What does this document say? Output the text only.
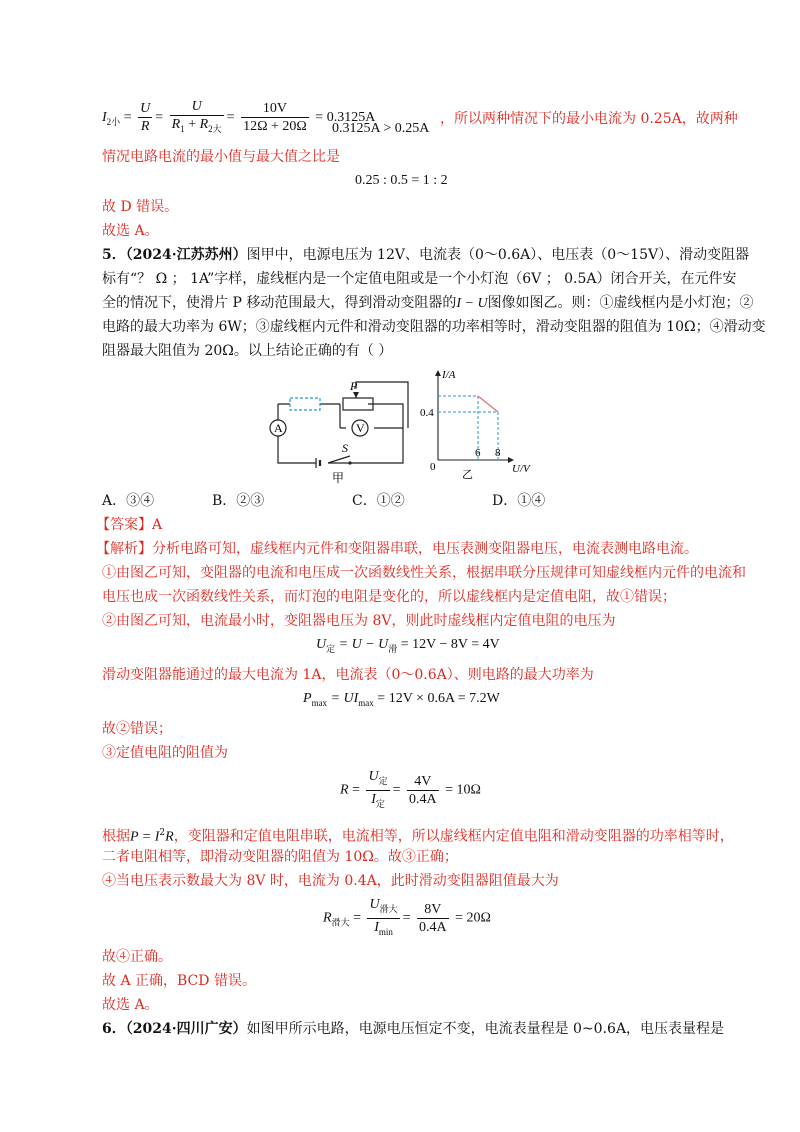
$I_{2小} = \frac{U}{R} = \frac{U}{R_1 + R_{2大}} = \frac{10V}{12\Omega + 20\Omega} = 0.3125A$
0.3125A > 0.25A
，所以两种情况下的最小电流为 0.25A，故两种
情况电路电流的最小值与最大值之比是
0.25 : 0.5 = 1 : 2
故 D 错误。
故选 A。
5．（2024·江苏苏州）图甲中，电源电压为 12V、电流表（0～0.6A）、电压表（0～15V）、滑动变阻器
标有“？ Ω ； 1A”字样，虚线框内是一个定值电阻或是一个小灯泡（6V ； 0.5A）闭合开关，在元件安
全的情况下，使滑片 P 移动范围最大，得到滑动变阻器的I − U图像如图乙。则：①虚线框内是小灯泡；②
电路的最大功率为 6W；③虚线框内元件和滑动变阻器的功率相等时，滑动变阻器的阻值为 10Ω；④滑动变
阻器最大阻值为 20Ω。以上结论正确的有（ ）
P
A	V
S
甲
I/A
U/V
0
0.4
6 8
乙
A．③④	B．②③	C．①②	D．①④
【答案】A
【解析】分析电路可知，虚线框内元件和变阻器串联，电压表测变阻器电压，电流表测电路电流。
①由图乙可知，变阻器的电流和电压成一次函数线性关系，根据串联分压规律可知虚线框内元件的电流和
电压也成一次函数线性关系，而灯泡的电阻是变化的，所以虚线框内是定值电阻，故①错误；
②由图乙可知，电流最小时，变阻器电压为 8V，则此时虚线框内定值电阻的电压为
$U_定 = U - U_滑 = 12V - 8V = 4V$
滑动变阻器能通过的最大电流为 1A，电流表（0～0.6A）、则电路的最大功率为
$P_{max} = UI_{max} = 12V \times 0.6A = 7.2W$
故②错误；
③定值电阻的阻值为
$R = \frac{U_定}{I_定} = \frac{4V}{0.4A} = 10\Omega$
根据$P = I^2R$，变阻器和定值电阻串联，电流相等，所以虚线框内定值电阻和滑动变阻器的功率相等时，
二者电阻相等，即滑动变阻器的阻值为 10Ω。故③正确；
④当电压表示数最大为 8V 时，电流为 0.4A，此时滑动变阻器阻值最大为
$R_{滑大} = \frac{U_{滑大}}{I_{min}} = \frac{8V}{0.4A} = 20\Omega$
故④正确。
故 A 正确，BCD 错误。
故选 A。
6．（2024·四川广安）如图甲所示电路，电源电压恒定不变，电流表量程是 0~0.6A，电压表量程是
